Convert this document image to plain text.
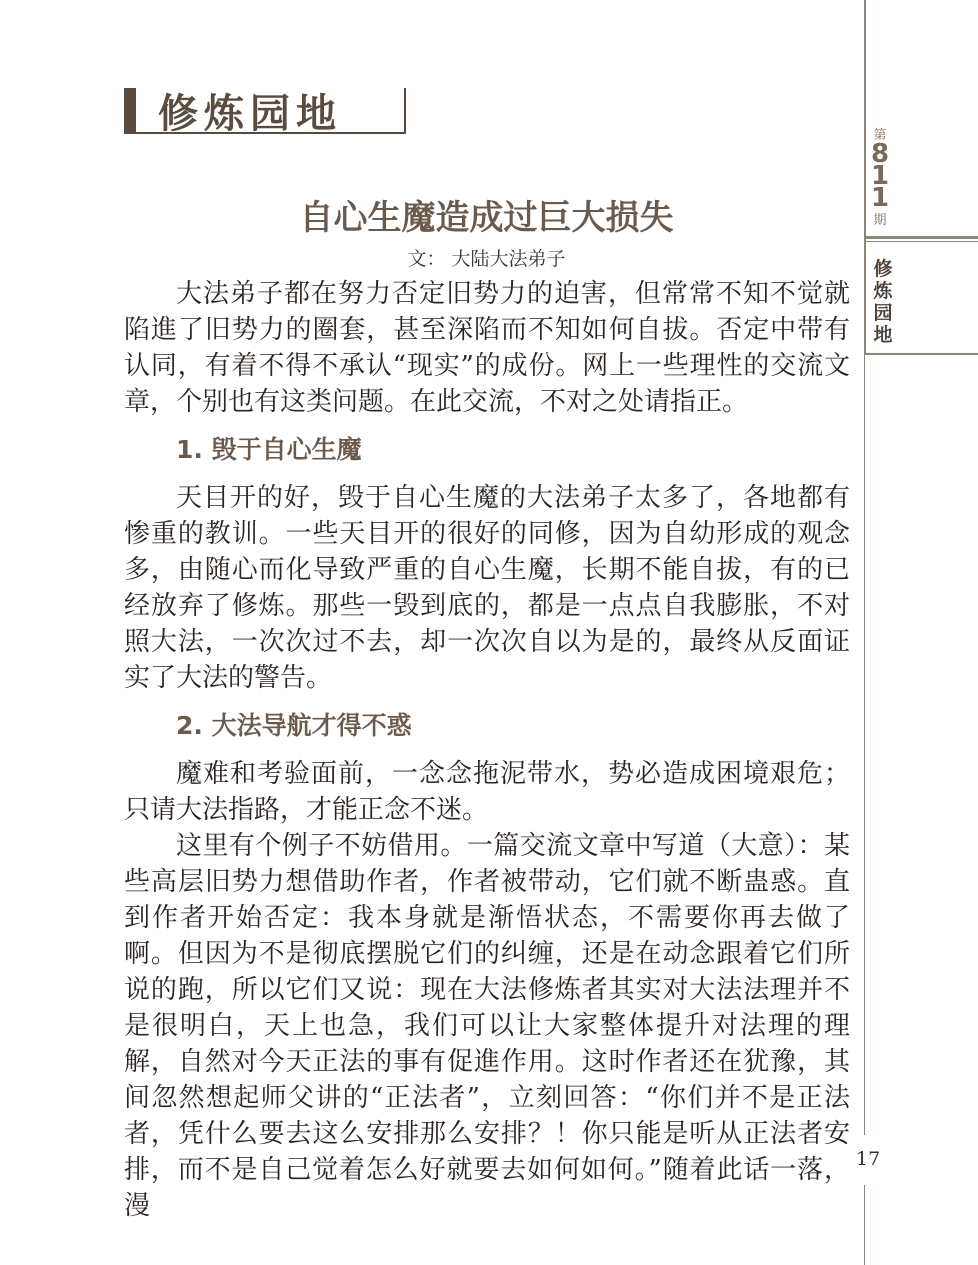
修炼园地
自心生魔造成过巨大损失
文： 大陆大法弟子

大法弟子都在努力否定旧势力的迫害，但常常不知不觉就陷進了旧势力的圈套，甚至深陷而不知如何自拔。否定中带有认同，有着不得不承认“现实”的成份。网上一些理性的交流文章，个别也有这类问题。在此交流，不对之处请指正。

1. 毁于自心生魔

天目开的好，毁于自心生魔的大法弟子太多了，各地都有惨重的教训。一些天目开的很好的同修，因为自幼形成的观念多，由随心而化导致严重的自心生魔，长期不能自拔，有的已经放弃了修炼。那些一毁到底的，都是一点点自我膨胀，不对照大法，一次次过不去，却一次次自以为是的，最终从反面证实了大法的警告。

2. 大法导航才得不惑

魔难和考验面前，一念念拖泥带水，势必造成困境艰危；只请大法指路，才能正念不迷。

这里有个例子不妨借用。一篇交流文章中写道（大意）：某些高层旧势力想借助作者，作者被带动，它们就不断蛊惑。直到作者开始否定：我本身就是渐悟状态，不需要你再去做了啊。但因为不是彻底摆脱它们的纠缠，还是在动念跟着它们所说的跑，所以它们又说：现在大法修炼者其实对大法法理并不是很明白，天上也急，我们可以让大家整体提升对法理的理解，自然对今天正法的事有促進作用。这时作者还在犹豫，其间忽然想起师父讲的“正法者”，立刻回答：“你们并不是正法者，凭什么要去这么安排那么安排？！你只能是听从正法者安排，而不是自己觉着怎么好就要去如何如何。”随着此话一落，漫

第
8
1
1
期
修
炼
园
地
17
